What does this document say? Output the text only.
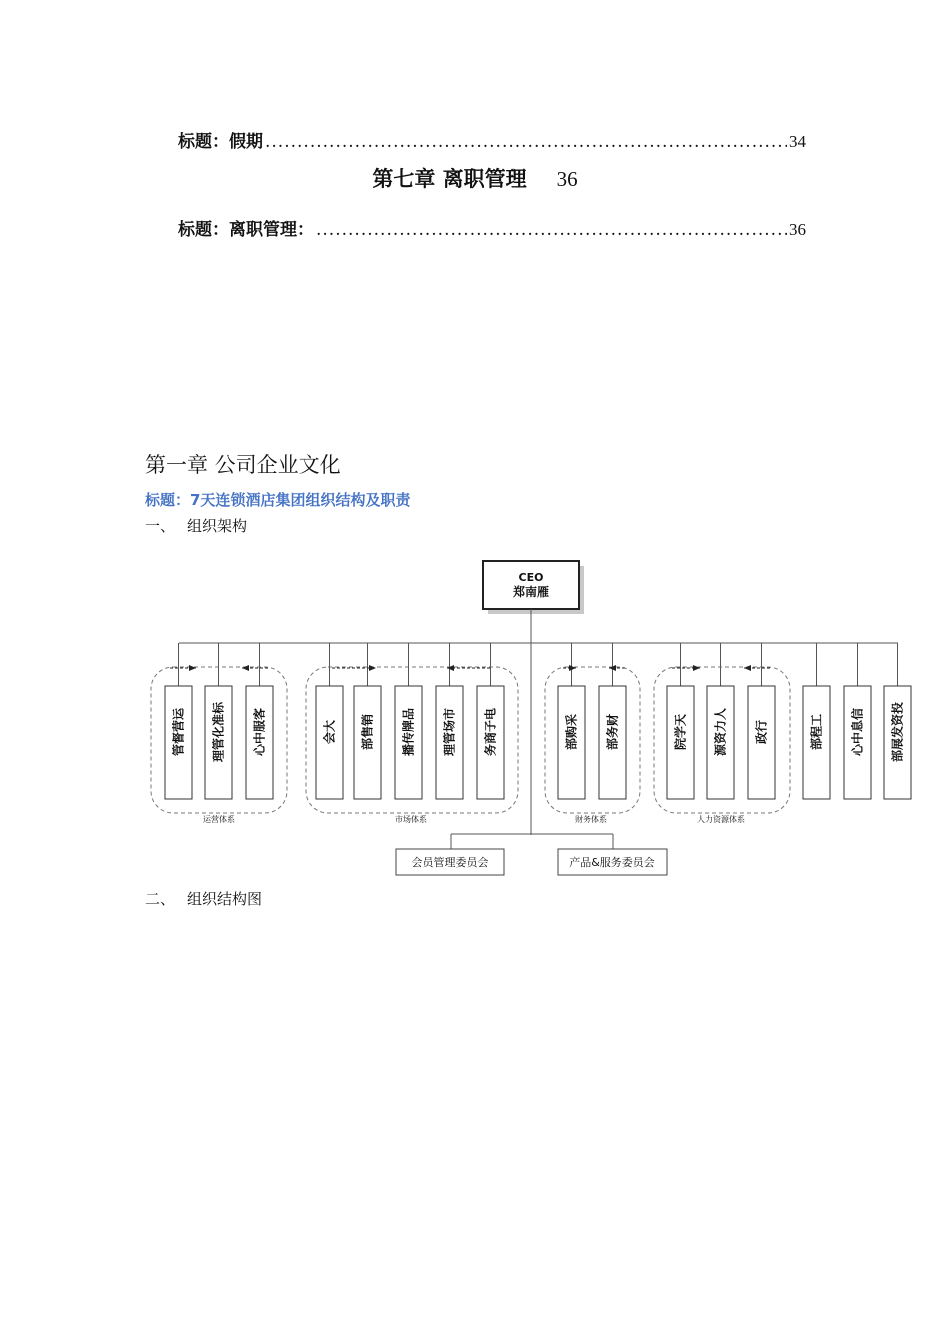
标题：假期 .....	34
第七章 离职管理 36
标题：离职管理： .....	36
第一章 公司企业文化
标题：7天连锁酒店集团组织结构及职责
一、 组织架构
CEO
郑南雁
运营体系	市场体系	财务体系	人力资源体系
管督营运 理管化准标 心中服客	会大 部售销 播传牌品 理管场市 务商子电	部购采 部务财	院学天 源资力人 政行	部程工 心中息信 部展发资投
会员管理委员会	产品&服务委员会
二、 组织结构图
